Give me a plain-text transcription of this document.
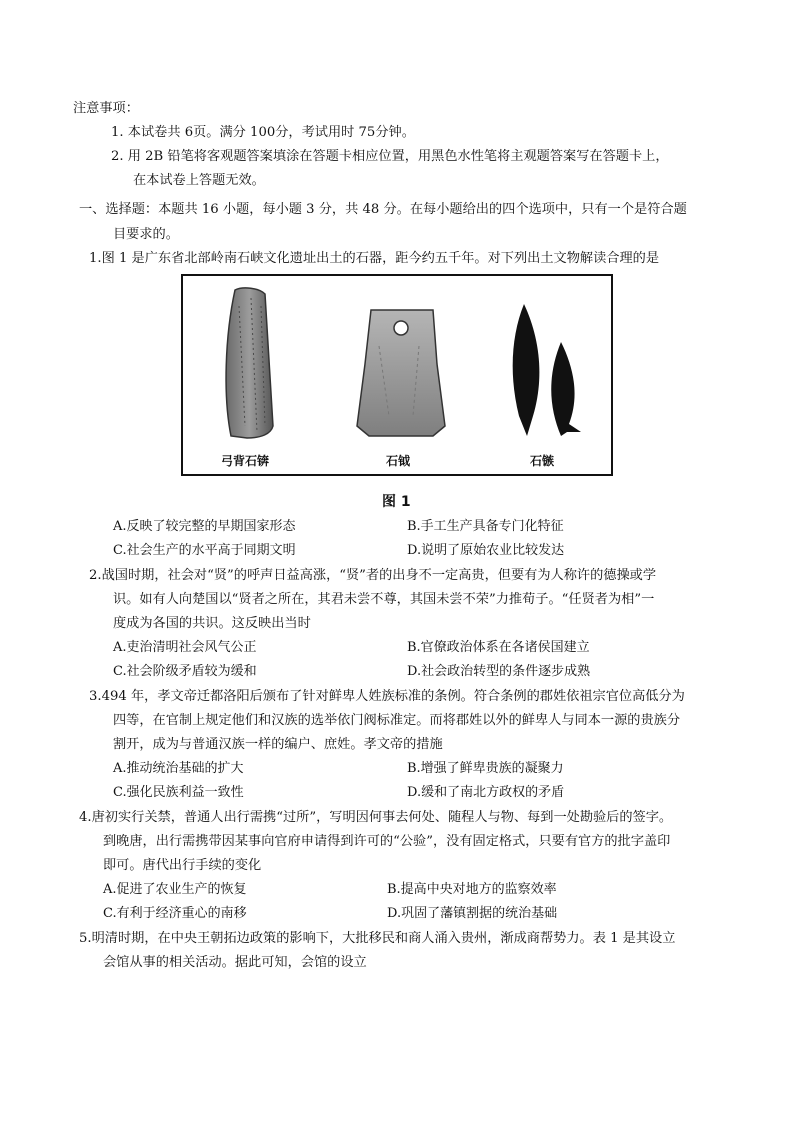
注意事项：
1. 本试卷共 6页。满分 100分，考试用时 75分钟。
2. 用 2B 铅笔将客观题答案填涂在答题卡相应位置，用黑色水性笔将主观题答案写在答题卡上，
在本试卷上答题无效。
一、选择题：本题共 16 小题，每小题 3 分，共 48 分。在每小题给出的四个选项中，只有一个是符合题
目要求的。
1.图 1 是广东省北部岭南石峡文化遗址出土的石器，距今约五千年。对下列出土文物解读合理的是
弓背石锛	石钺	石镞
图 1
A.反映了较完整的早期国家形态	B.手工生产具备专门化特征
C.社会生产的水平高于同期文明	D.说明了原始农业比较发达
2.战国时期，社会对“贤”的呼声日益高涨，“贤”者的出身不一定高贵，但要有为人称许的德操或学
识。如有人向楚国以“贤者之所在，其君未尝不尊，其国未尝不荣”力推荀子。“任贤者为相”一
度成为各国的共识。这反映出当时
A.吏治清明社会风气公正	B.官僚政治体系在各诸侯国建立
C.社会阶级矛盾较为缓和	D.社会政治转型的条件逐步成熟
3.494 年，孝文帝迁都洛阳后颁布了针对鲜卑人姓族标准的条例。符合条例的郡姓依祖宗官位高低分为
四等，在官制上规定他们和汉族的选举依门阀标准定。而将郡姓以外的鲜卑人与同本一源的贵族分
割开，成为与普通汉族一样的编户、庶姓。孝文帝的措施
A.推动统治基础的扩大	B.增强了鲜卑贵族的凝聚力
C.强化民族利益一致性	D.缓和了南北方政权的矛盾
4.唐初实行关禁，普通人出行需携“过所”，写明因何事去何处、随程人与物、每到一处勘验后的签字。
到晚唐，出行需携带因某事向官府申请得到许可的“公验”，没有固定格式，只要有官方的批字盖印
即可。唐代出行手续的变化
A.促进了农业生产的恢复	B.提高中央对地方的监察效率
C.有利于经济重心的南移	D.巩固了藩镇割据的统治基础
5.明清时期，在中央王朝拓边政策的影响下，大批移民和商人涌入贵州，渐成商帮势力。表 1 是其设立
会馆从事的相关活动。据此可知，会馆的设立
